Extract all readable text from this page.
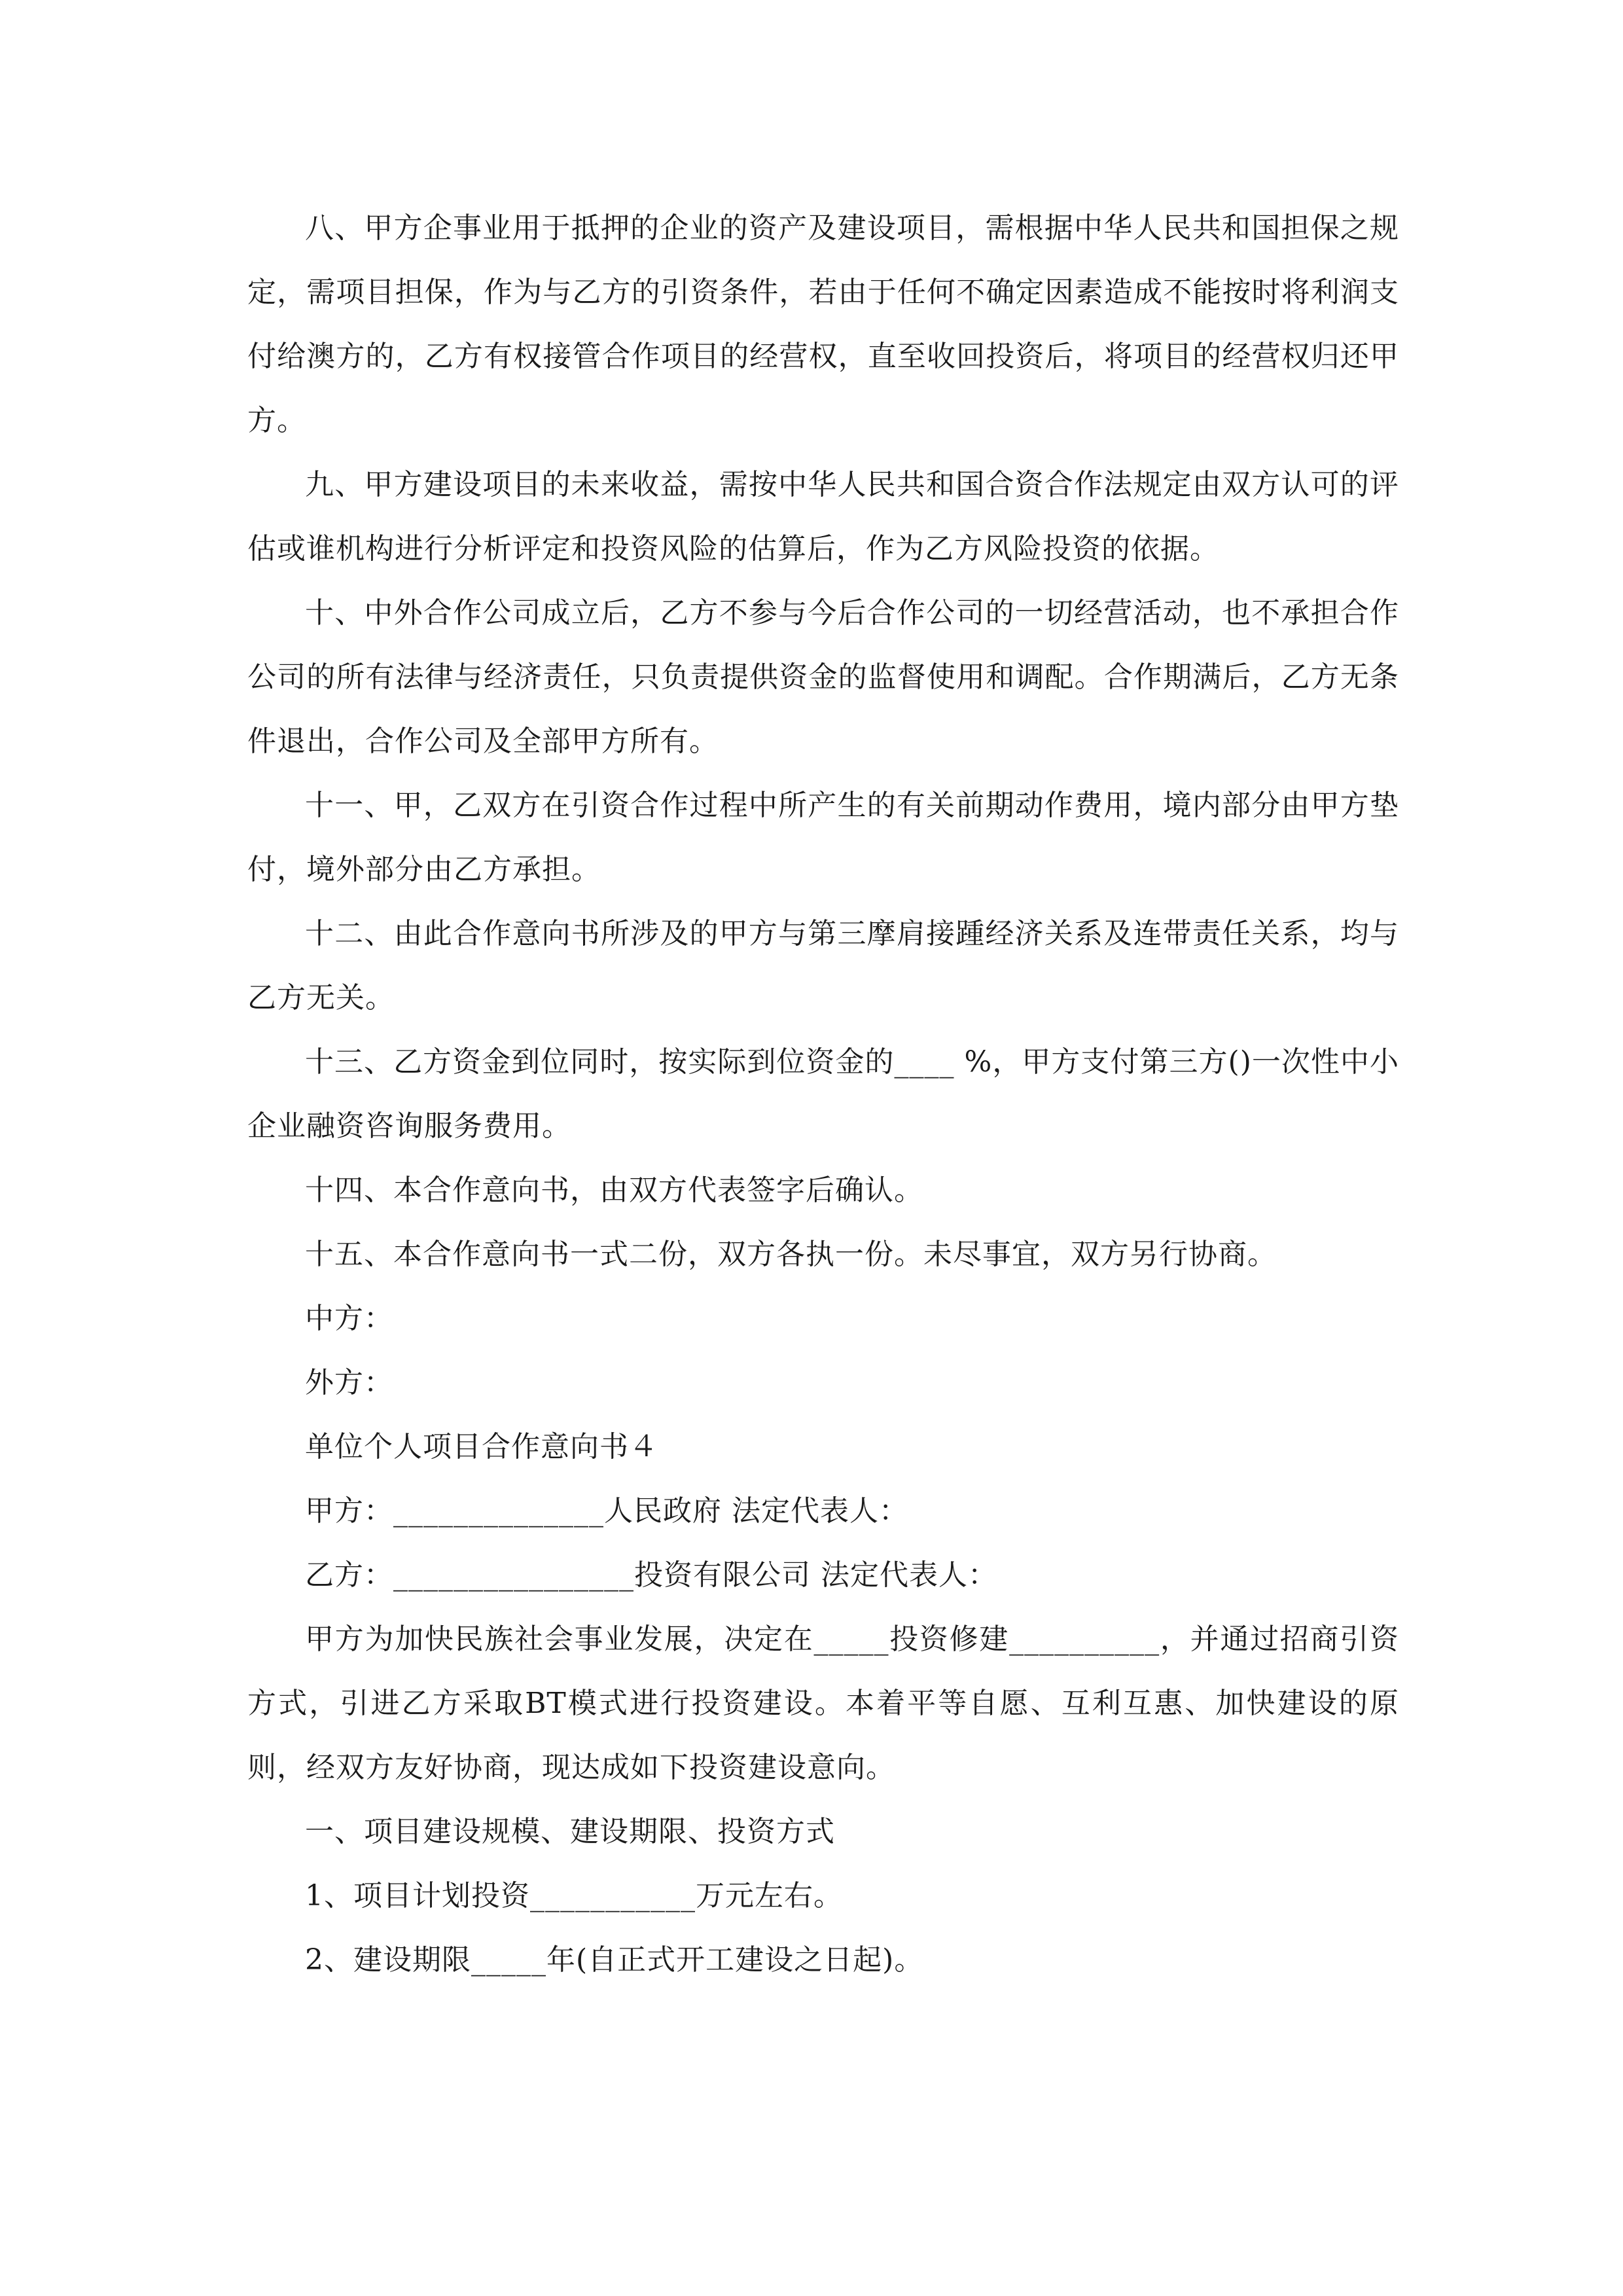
八、甲方企事业用于抵押的企业的资产及建设项目，需根据中华人民共和国担保之规定，需项目担保，作为与乙方的引资条件，若由于任何不确定因素造成不能按时将利润支付给澳方的，乙方有权接管合作项目的经营权，直至收回投资后，将项目的经营权归还甲方。

九、甲方建设项目的未来收益，需按中华人民共和国合资合作法规定由双方认可的评估或谁机构进行分析评定和投资风险的估算后，作为乙方风险投资的依据。

十、中外合作公司成立后，乙方不参与今后合作公司的一切经营活动，也不承担合作公司的所有法律与经济责任，只负责提供资金的监督使用和调配。合作期满后，乙方无条件退出，合作公司及全部甲方所有。

十一、甲，乙双方在引资合作过程中所产生的有关前期动作费用，境内部分由甲方垫付，境外部分由乙方承担。

十二、由此合作意向书所涉及的甲方与第三摩肩接踵经济关系及连带责任关系，均与乙方无关。

十三、乙方资金到位同时，按实际到位资金的____ %，甲方支付第三方()一次性中小企业融资咨询服务费用。

十四、本合作意向书，由双方代表签字后确认。

十五、本合作意向书一式二份，双方各执一份。未尽事宜，双方另行协商。

中方：

外方：

单位个人项目合作意向书４

甲方：______________人民政府 法定代表人：

乙方：________________投资有限公司 法定代表人：

甲方为加快民族社会事业发展，决定在_____投资修建__________，并通过招商引资方式，引进乙方采取BT模式进行投资建设。本着平等自愿、互利互惠、加快建设的原则，经双方友好协商，现达成如下投资建设意向。

一、项目建设规模、建设期限、投资方式

1、项目计划投资___________万元左右。

2、建设期限_____年(自正式开工建设之日起)。
